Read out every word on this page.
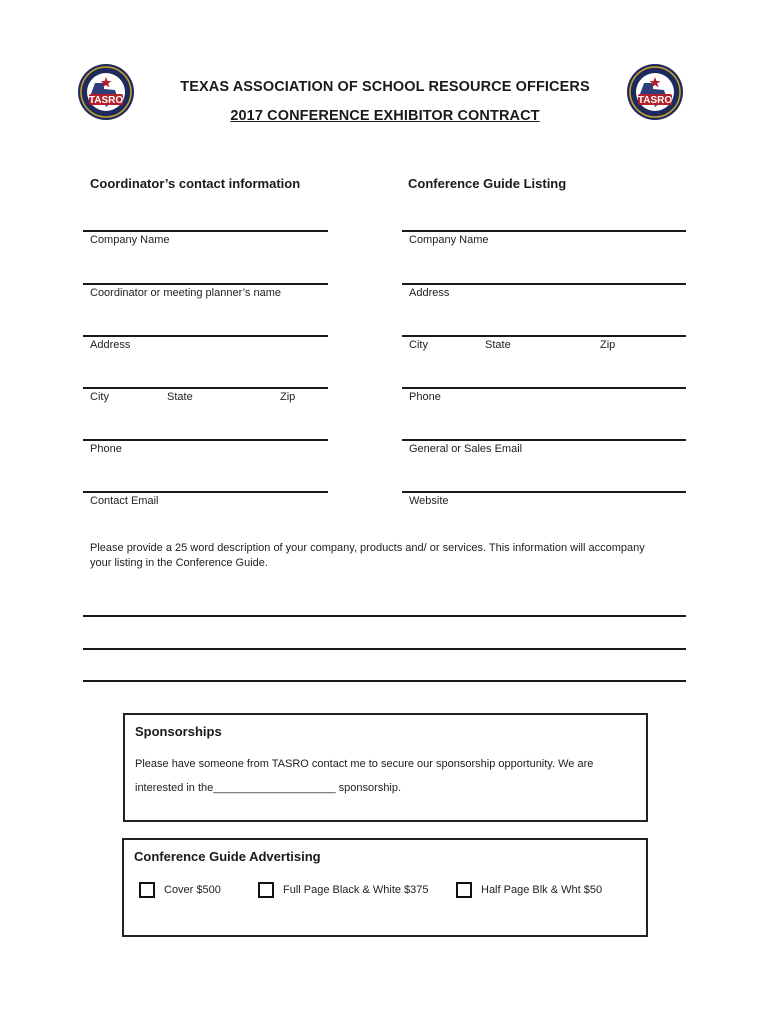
TASRO	TASRO
TEXAS ASSOCIATION OF SCHOOL RESOURCE OFFICERS
2017 CONFERENCE EXHIBITOR CONTRACT
Coordinator’s contact information	Conference Guide Listing
Company Name
Coordinator or meeting planner’s name
Address
City	State	Zip
Phone
Contact Email
Company Name
Address
City	State	Zip
Phone
General or Sales Email
Website
Please provide a 25 word description of your company, products and/ or services. This information will accompany
your listing in the Conference Guide.
Sponsorships
Please have someone from TASRO contact me to secure our sponsorship opportunity. We are
interested in the____________________ sponsorship.
Conference Guide Advertising
Cover $500	Full Page Black & White $375	Half Page Blk & Wht $50
